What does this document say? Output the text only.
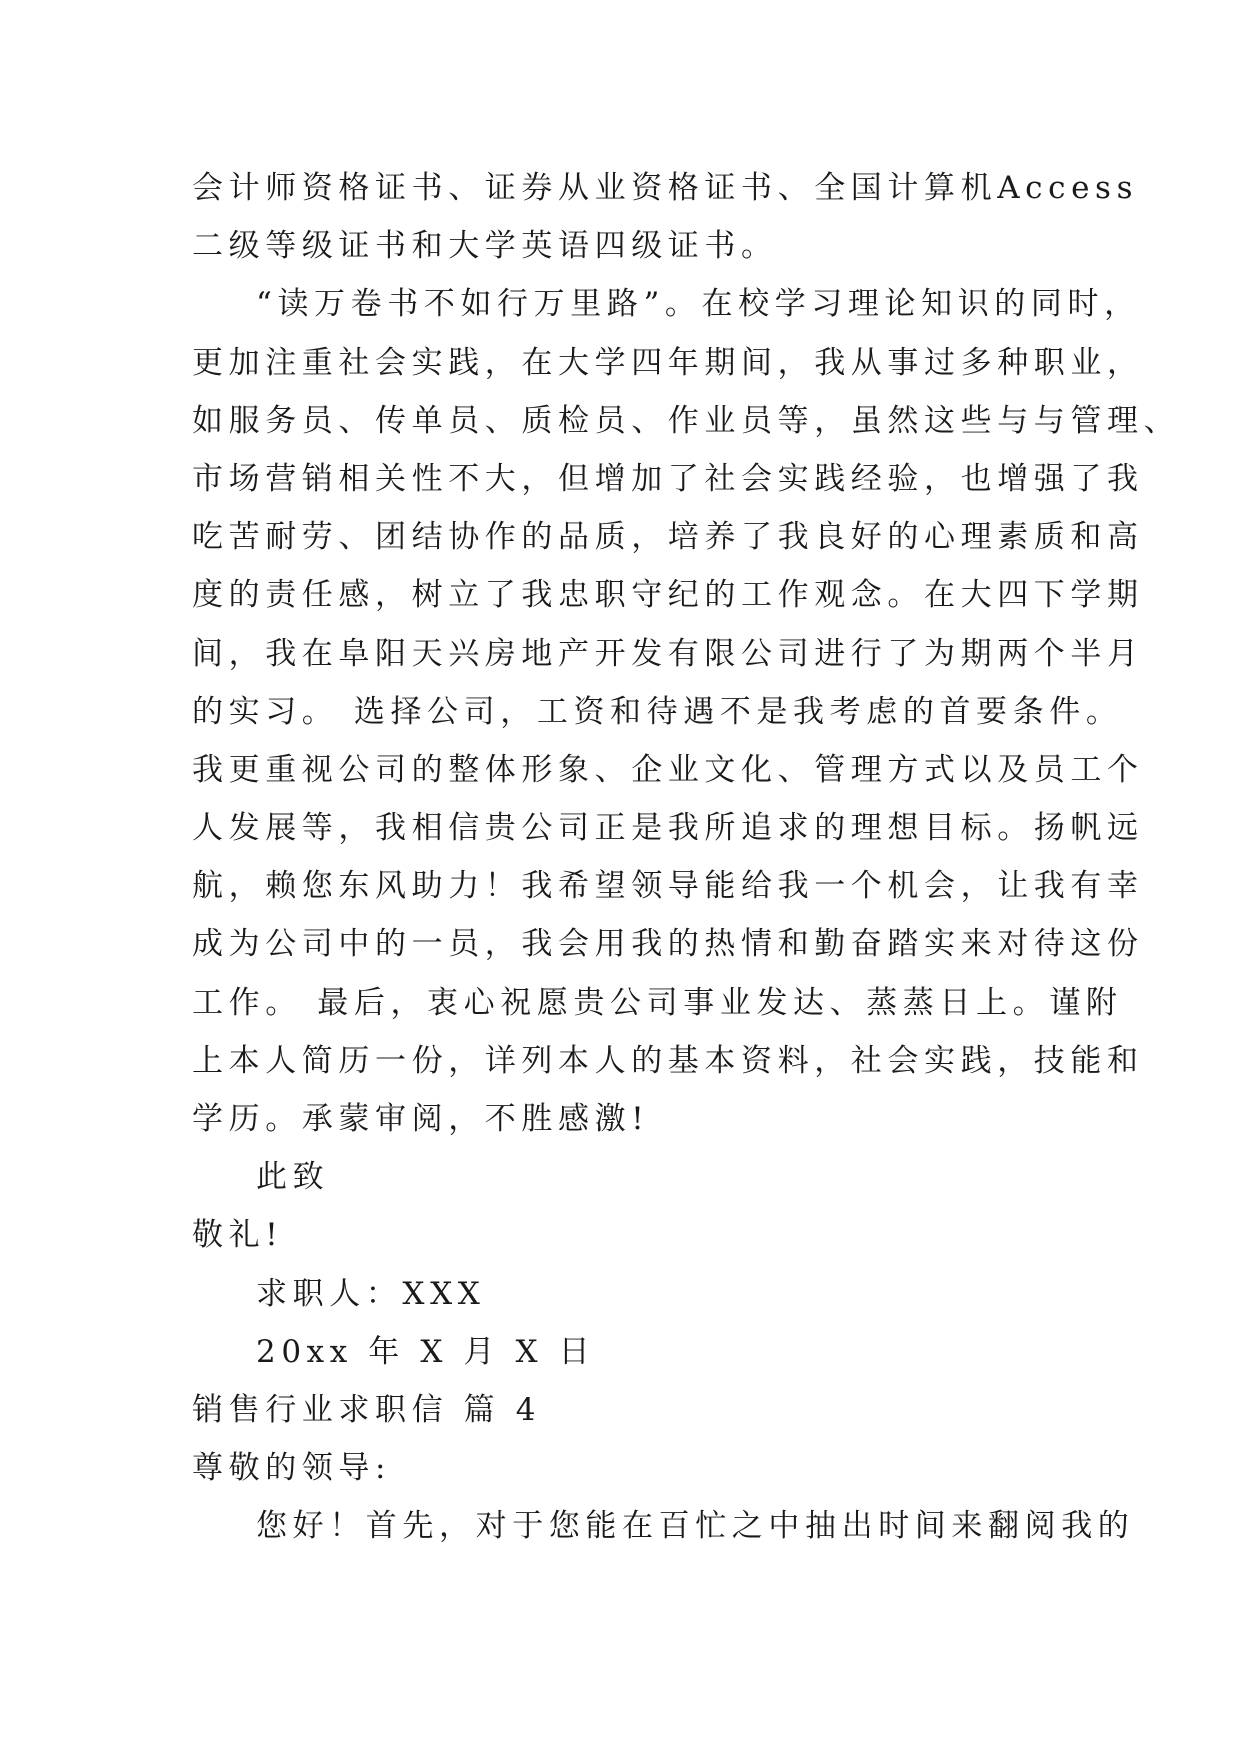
会计师资格证书、证券从业资格证书、全国计算机Access
二级等级证书和大学英语四级证书。
“读万卷书不如行万里路”。在校学习理论知识的同时，
更加注重社会实践，在大学四年期间，我从事过多种职业，
如服务员、传单员、质检员、作业员等，虽然这些与与管理、
市场营销相关性不大，但增加了社会实践经验，也增强了我
吃苦耐劳、团结协作的品质，培养了我良好的心理素质和高
度的责任感，树立了我忠职守纪的工作观念。在大四下学期
间，我在阜阳天兴房地产开发有限公司进行了为期两个半月
的实习。 选择公司，工资和待遇不是我考虑的首要条件。
我更重视公司的整体形象、企业文化、管理方式以及员工个
人发展等，我相信贵公司正是我所追求的理想目标。扬帆远
航，赖您东风助力！我希望领导能给我一个机会，让我有幸
成为公司中的一员，我会用我的热情和勤奋踏实来对待这份
工作。 最后，衷心祝愿贵公司事业发达、蒸蒸日上。谨附
上本人简历一份，详列本人的基本资料，社会实践，技能和
学历。承蒙审阅，不胜感激!
此致
敬礼!
求职人：XXX
20xx 年 X 月 X 日
销售行业求职信 篇 4
尊敬的领导:
您好！首先，对于您能在百忙之中抽出时间来翻阅我的
